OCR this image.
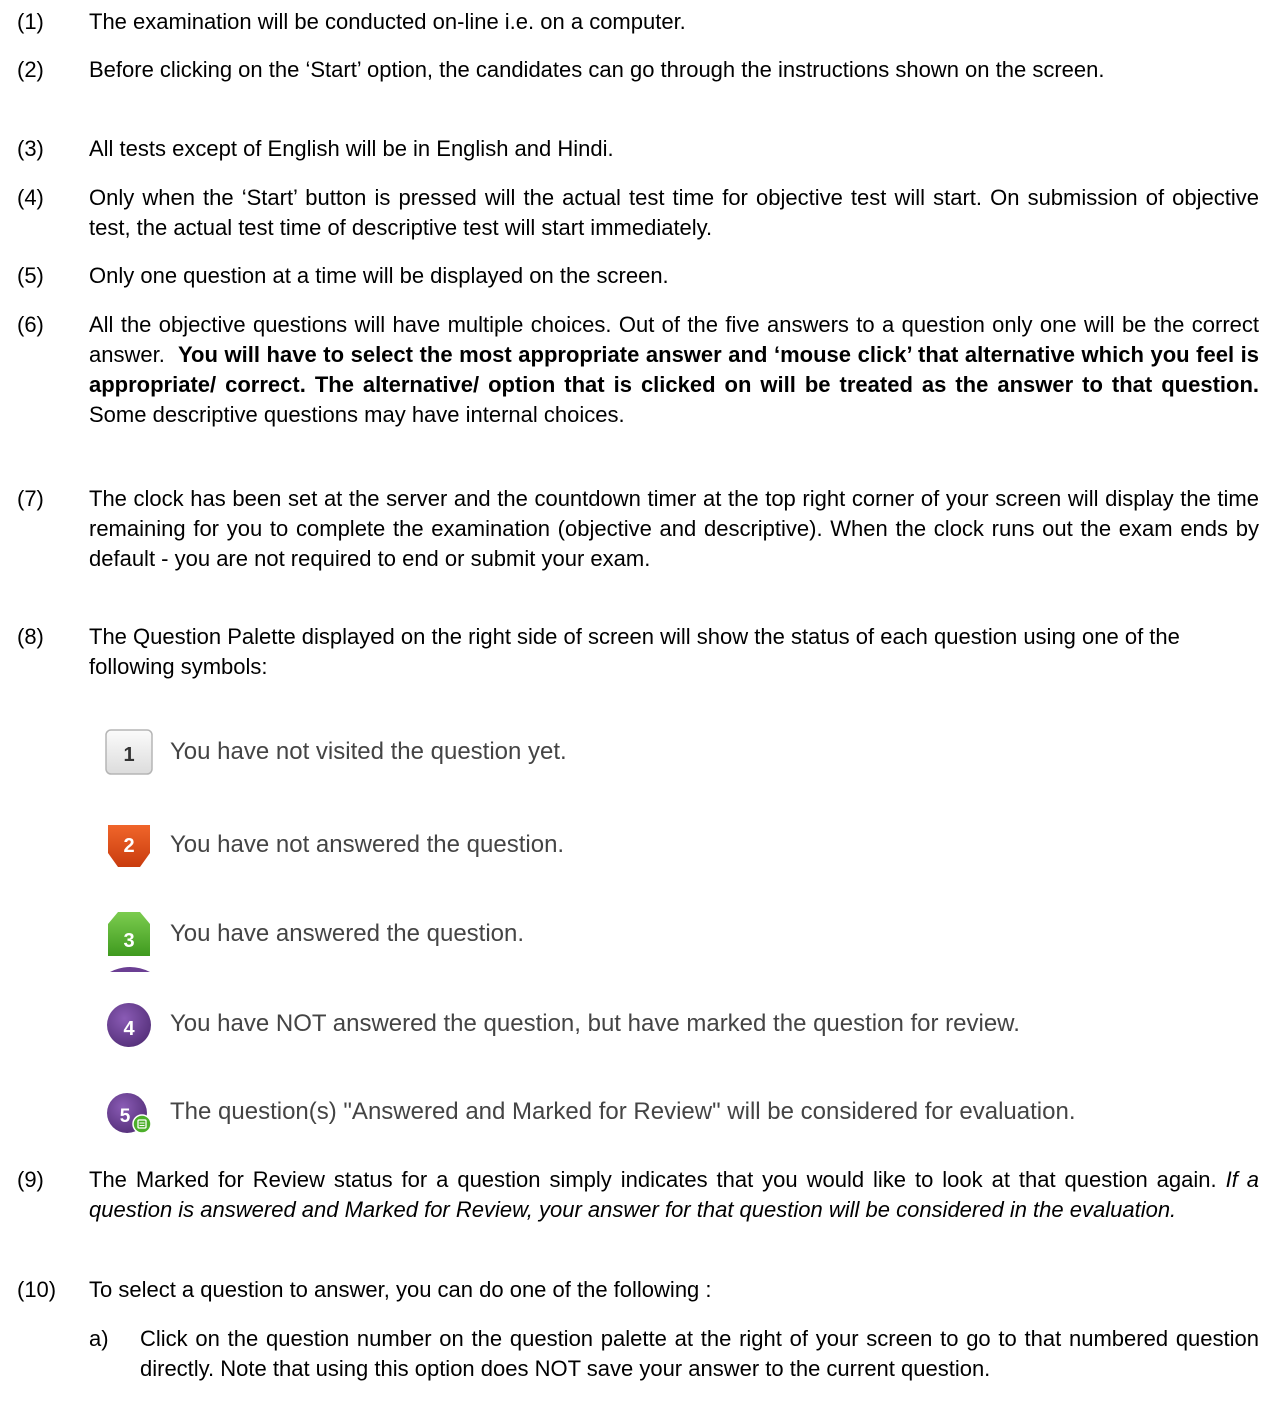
(1) The examination will be conducted on-line i.e. on a computer.
(2) Before clicking on the ‘Start’ option, the candidates can go through the instructions shown on the screen.
(3) All tests except of English will be in English and Hindi.
(4) Only when the ‘Start’ button is pressed will the actual test time for objective test will start. On submission of objective test, the actual test time of descriptive test will start immediately.
(5) Only one question at a time will be displayed on the screen.
(6) All the objective questions will have multiple choices. Out of the five answers to a question only one will be the correct answer. You will have to select the most appropriate answer and ‘mouse click’ that alternative which you feel is appropriate/ correct. The alternative/ option that is clicked on will be treated as the answer to that question. Some descriptive questions may have internal choices.
(7) The clock has been set at the server and the countdown timer at the top right corner of your screen will display the time remaining for you to complete the examination (objective and descriptive). When the clock runs out the exam ends by default - you are not required to end or submit your exam.
(8) The Question Palette displayed on the right side of screen will show the status of each question using one of the following symbols:
1 You have not visited the question yet.
2 You have not answered the question.
3 You have answered the question.
4 You have NOT answered the question, but have marked the question for review.
5 The question(s) "Answered and Marked for Review" will be considered for evaluation.
(9) The Marked for Review status for a question simply indicates that you would like to look at that question again. If a question is answered and Marked for Review, your answer for that question will be considered in the evaluation.
(10) To select a question to answer, you can do one of the following :
a) Click on the question number on the question palette at the right of your screen to go to that numbered question directly. Note that using this option does NOT save your answer to the current question.
